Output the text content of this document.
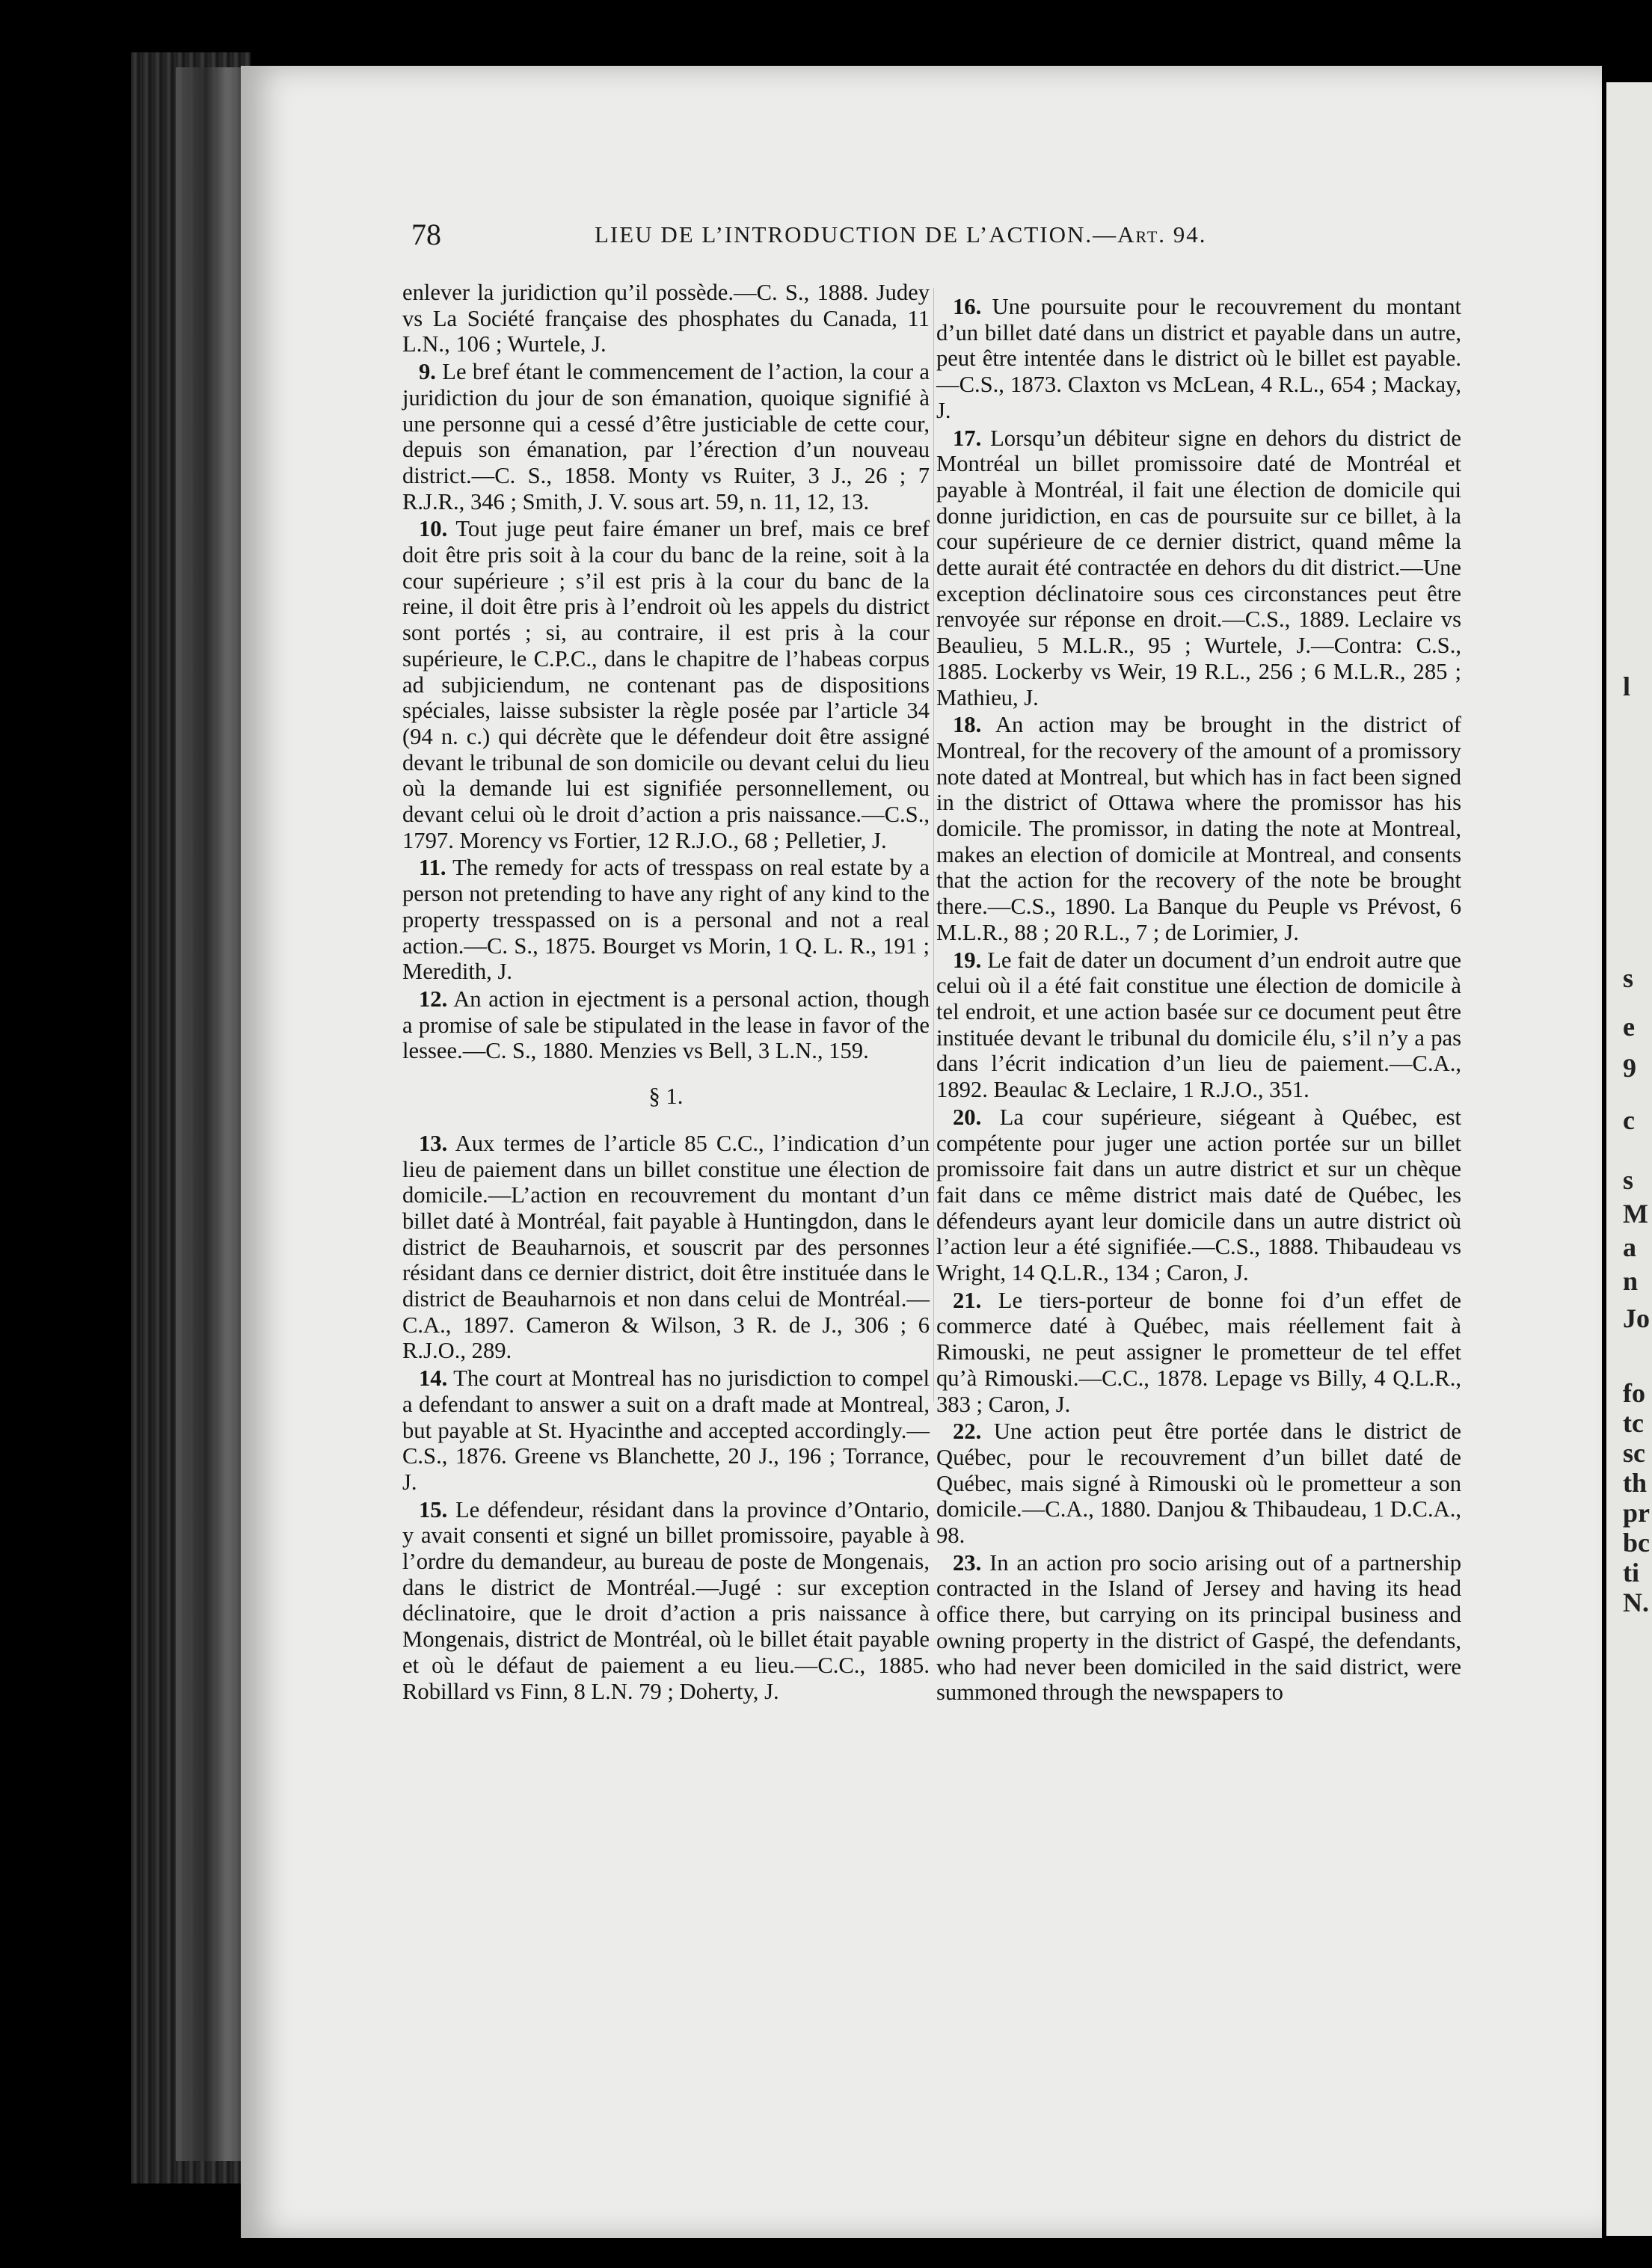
l
s
e
9
c
s
M
a
n
Jo
fo
tc
sc
th
pr
bc
ti
N.
78	LIEU DE L’INTRODUCTION DE L’ACTION.—Art. 94.

enlever la juridiction qu’il possède.—C. S., 1888. Judey vs La Société française des phosphates du Canada, 11 L.N., 106 ; Wurtele, J.

9. Le bref étant le commencement de l’action, la cour a juridiction du jour de son émanation, quoique signifié à une personne qui a cessé d’être justiciable de cette cour, depuis son émanation, par l’érection d’un nouveau district.—C. S., 1858. Monty vs Ruiter, 3 J., 26 ; 7 R.J.R., 346 ; Smith, J. V. sous art. 59, n. 11, 12, 13.

10. Tout juge peut faire émaner un bref, mais ce bref doit être pris soit à la cour du banc de la reine, soit à la cour supérieure ; s’il est pris à la cour du banc de la reine, il doit être pris à l’endroit où les appels du district sont portés ; si, au contraire, il est pris à la cour supérieure, le C.P.C., dans le chapitre de l’habeas corpus ad subjiciendum, ne contenant pas de dispositions spéciales, laisse subsister la règle posée par l’article 34 (94 n. c.) qui décrète que le défendeur doit être assigné devant le tribunal de son domicile ou devant celui du lieu où la demande lui est signifiée personnellement, ou devant celui où le droit d’action a pris naissance.—C.S., 1797. Morency vs Fortier, 12 R.J.O., 68 ; Pelletier, J.

11. The remedy for acts of tresspass on real estate by a person not pretending to have any right of any kind to the property tresspassed on is a personal and not a real action.—C. S., 1875. Bourget vs Morin, 1 Q. L. R., 191 ; Meredith, J.

12. An action in ejectment is a personal action, though a promise of sale be stipulated in the lease in favor of the lessee.—C. S., 1880. Menzies vs Bell, 3 L.N., 159.

§ 1.

13. Aux termes de l’article 85 C.C., l’indication d’un lieu de paiement dans un billet constitue une élection de domicile.—L’action en recouvrement du montant d’un billet daté à Montréal, fait payable à Huntingdon, dans le district de Beauharnois, et souscrit par des personnes résidant dans ce dernier district, doit être instituée dans le district de Beauharnois et non dans celui de Montréal.—C.A., 1897. Cameron & Wilson, 3 R. de J., 306 ; 6 R.J.O., 289.

14. The court at Montreal has no jurisdiction to compel a defendant to answer a suit on a draft made at Montreal, but payable at St. Hyacinthe and accepted accordingly.—C.S., 1876. Greene vs Blanchette, 20 J., 196 ; Torrance, J.

15. Le défendeur, résidant dans la province d’Ontario, y avait consenti et signé un billet promissoire, payable à l’ordre du demandeur, au bureau de poste de Mongenais, dans le district de Montréal.—Jugé : sur exception déclinatoire, que le droit d’action a pris naissance à Mongenais, district de Montréal, où le billet était payable et où le défaut de paiement a eu lieu.—C.C., 1885. Robillard vs Finn, 8 L.N. 79 ; Doherty, J.

16. Une poursuite pour le recouvrement du montant d’un billet daté dans un district et payable dans un autre, peut être intentée dans le district où le billet est payable.—C.S., 1873. Claxton vs McLean, 4 R.L., 654 ; Mackay, J.

17. Lorsqu’un débiteur signe en dehors du district de Montréal un billet promissoire daté de Montréal et payable à Montréal, il fait une élection de domicile qui donne juridiction, en cas de poursuite sur ce billet, à la cour supérieure de ce dernier district, quand même la dette aurait été contractée en dehors du dit district.—Une exception déclinatoire sous ces circonstances peut être renvoyée sur réponse en droit.—C.S., 1889. Leclaire vs Beaulieu, 5 M.L.R., 95 ; Wurtele, J.—Contra: C.S., 1885. Lockerby vs Weir, 19 R.L., 256 ; 6 M.L.R., 285 ; Mathieu, J.

18. An action may be brought in the district of Montreal, for the recovery of the amount of a promissory note dated at Montreal, but which has in fact been signed in the district of Ottawa where the promissor has his domicile. The promissor, in dating the note at Montreal, makes an election of domicile at Montreal, and consents that the action for the recovery of the note be brought there.—C.S., 1890. La Banque du Peuple vs Prévost, 6 M.L.R., 88 ; 20 R.L., 7 ; de Lorimier, J.

19. Le fait de dater un document d’un endroit autre que celui où il a été fait constitue une élection de domicile à tel endroit, et une action basée sur ce document peut être instituée devant le tribunal du domicile élu, s’il n’y a pas dans l’écrit indication d’un lieu de paiement.—C.A., 1892. Beaulac & Leclaire, 1 R.J.O., 351.

20. La cour supérieure, siégeant à Québec, est compétente pour juger une action portée sur un billet promissoire fait dans un autre district et sur un chèque fait dans ce même district mais daté de Québec, les défendeurs ayant leur domicile dans un autre district où l’action leur a été signifiée.—C.S., 1888. Thibaudeau vs Wright, 14 Q.L.R., 134 ; Caron, J.

21. Le tiers-porteur de bonne foi d’un effet de commerce daté à Québec, mais réellement fait à Rimouski, ne peut assigner le prometteur de tel effet qu’à Rimouski.—C.C., 1878. Lepage vs Billy, 4 Q.L.R., 383 ; Caron, J.

22. Une action peut être portée dans le district de Québec, pour le recouvrement d’un billet daté de Québec, mais signé à Rimouski où le prometteur a son domicile.—C.A., 1880. Danjou & Thibaudeau, 1 D.C.A., 98.

23. In an action pro socio arising out of a partnership contracted in the Island of Jersey and having its head office there, but carrying on its principal business and owning property in the district of Gaspé, the defendants, who had never been domiciled in the said district, were summoned through the newspapers to
